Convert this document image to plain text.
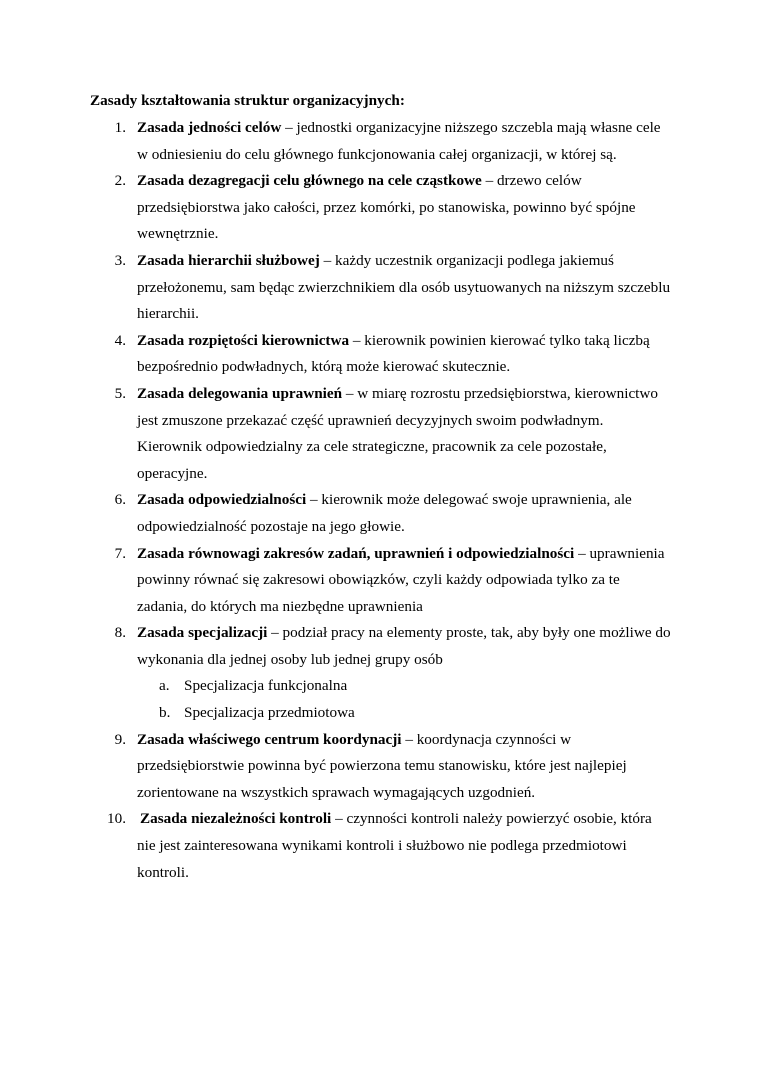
Zasady kształtowania struktur organizacyjnych:
1. Zasada jedności celów – jednostki organizacyjne niższego szczebla mają własne cele w odniesieniu do celu głównego funkcjonowania całej organizacji, w której są.
2. Zasada dezagregacji celu głównego na cele cząstkowe – drzewo celów przedsiębiorstwa jako całości, przez komórki, po stanowiska, powinno być spójne wewnętrznie.
3. Zasada hierarchii służbowej – każdy uczestnik organizacji podlega jakiemuś przełożonemu, sam będąc zwierzchnikiem dla osób usytuowanych na niższym szczeblu hierarchii.
4. Zasada rozpiętości kierownictwa – kierownik powinien kierować tylko taką liczbą bezpośrednio podwładnych, którą może kierować skutecznie.
5. Zasada delegowania uprawnień – w miarę rozrostu przedsiębiorstwa, kierownictwo jest zmuszone przekazać część uprawnień decyzyjnych swoim podwładnym. Kierownik odpowiedzialny za cele strategiczne, pracownik za cele pozostałe, operacyjne.
6. Zasada odpowiedzialności – kierownik może delegować swoje uprawnienia, ale odpowiedzialność pozostaje na jego głowie.
7. Zasada równowagi zakresów zadań, uprawnień i odpowiedzialności – uprawnienia powinny równać się zakresowi obowiązków, czyli każdy odpowiada tylko za te zadania, do których ma niezbędne uprawnienia
8. Zasada specjalizacji – podział pracy na elementy proste, tak, aby były one możliwe do wykonania dla jednej osoby lub jednej grupy osób
a. Specjalizacja funkcjonalna
b. Specjalizacja przedmiotowa
9. Zasada właściwego centrum koordynacji – koordynacja czynności w przedsiębiorstwie powinna być powierzona temu stanowisku, które jest najlepiej zorientowane na wszystkich sprawach wymagających uzgodnień.
10. Zasada niezależności kontroli – czynności kontroli należy powierzyć osobie, która nie jest zainteresowana wynikami kontroli i służbowo nie podlega przedmiotowi kontroli.
